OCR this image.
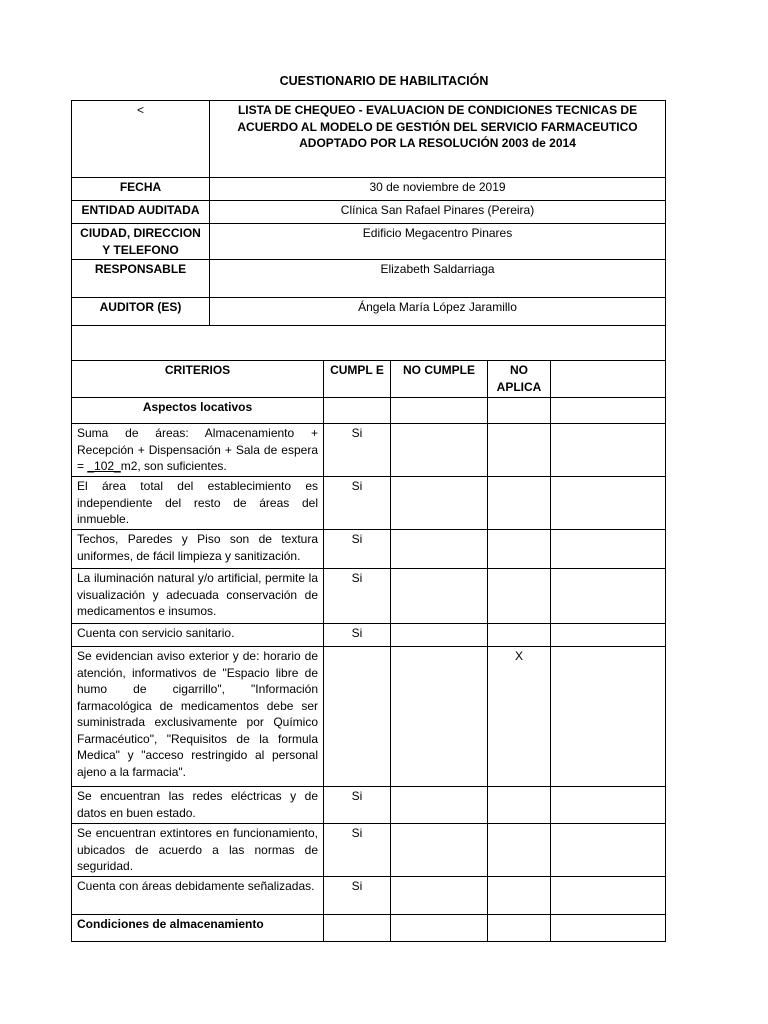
CUESTIONARIO DE HABILITACIÓN
<	LISTA DE CHEQUEO - EVALUACION DE CONDICIONES TECNICAS DE ACUERDO AL MODELO DE GESTIÓN DEL SERVICIO FARMACEUTICO ADOPTADO POR LA RESOLUCIÓN 2003 de 2014				
FECHA	30 de noviembre de 2019				
ENTIDAD AUDITADA	Clínica San Rafael Pinares (Pereira)				
CIUDAD, DIRECCION Y TELEFONO	Edificio Megacentro Pinares				
RESPONSABLE	Elizabeth Saldarriaga				
AUDITOR (ES)	Ángela María López Jaramillo				

CRITERIOS		CUMPL E	NO CUMPLE	NO APLICA	
Aspectos locativos					
Suma de áreas: Almacenamiento + Recepción + Dispensación + Sala de espera = _102_m2, son suficientes.		Si			
El área total del establecimiento es independiente del resto de áreas del inmueble.		Si			
Techos, Paredes y Piso son de textura uniformes, de fácil limpieza y sanitización.		Si			
La iluminación natural y/o artificial, permite la visualización y adecuada conservación de medicamentos e insumos.		Si			
Cuenta con servicio sanitario.		Si			
Se evidencian aviso exterior y de: horario de atención, informativos de "Espacio libre de humo de cigarrillo", "Información farmacológica de medicamentos debe ser suministrada exclusivamente por Químico Farmacéutico", "Requisitos de la formula Medica" y "acceso restringido al personal ajeno a la farmacia".				X	
Se encuentran las redes eléctricas y de datos en buen estado.		Si			
Se encuentran extintores en funcionamiento, ubicados de acuerdo a las normas de seguridad.		Si			
Cuenta con áreas debidamente señalizadas.		Si			
Condiciones de almacenamiento					
